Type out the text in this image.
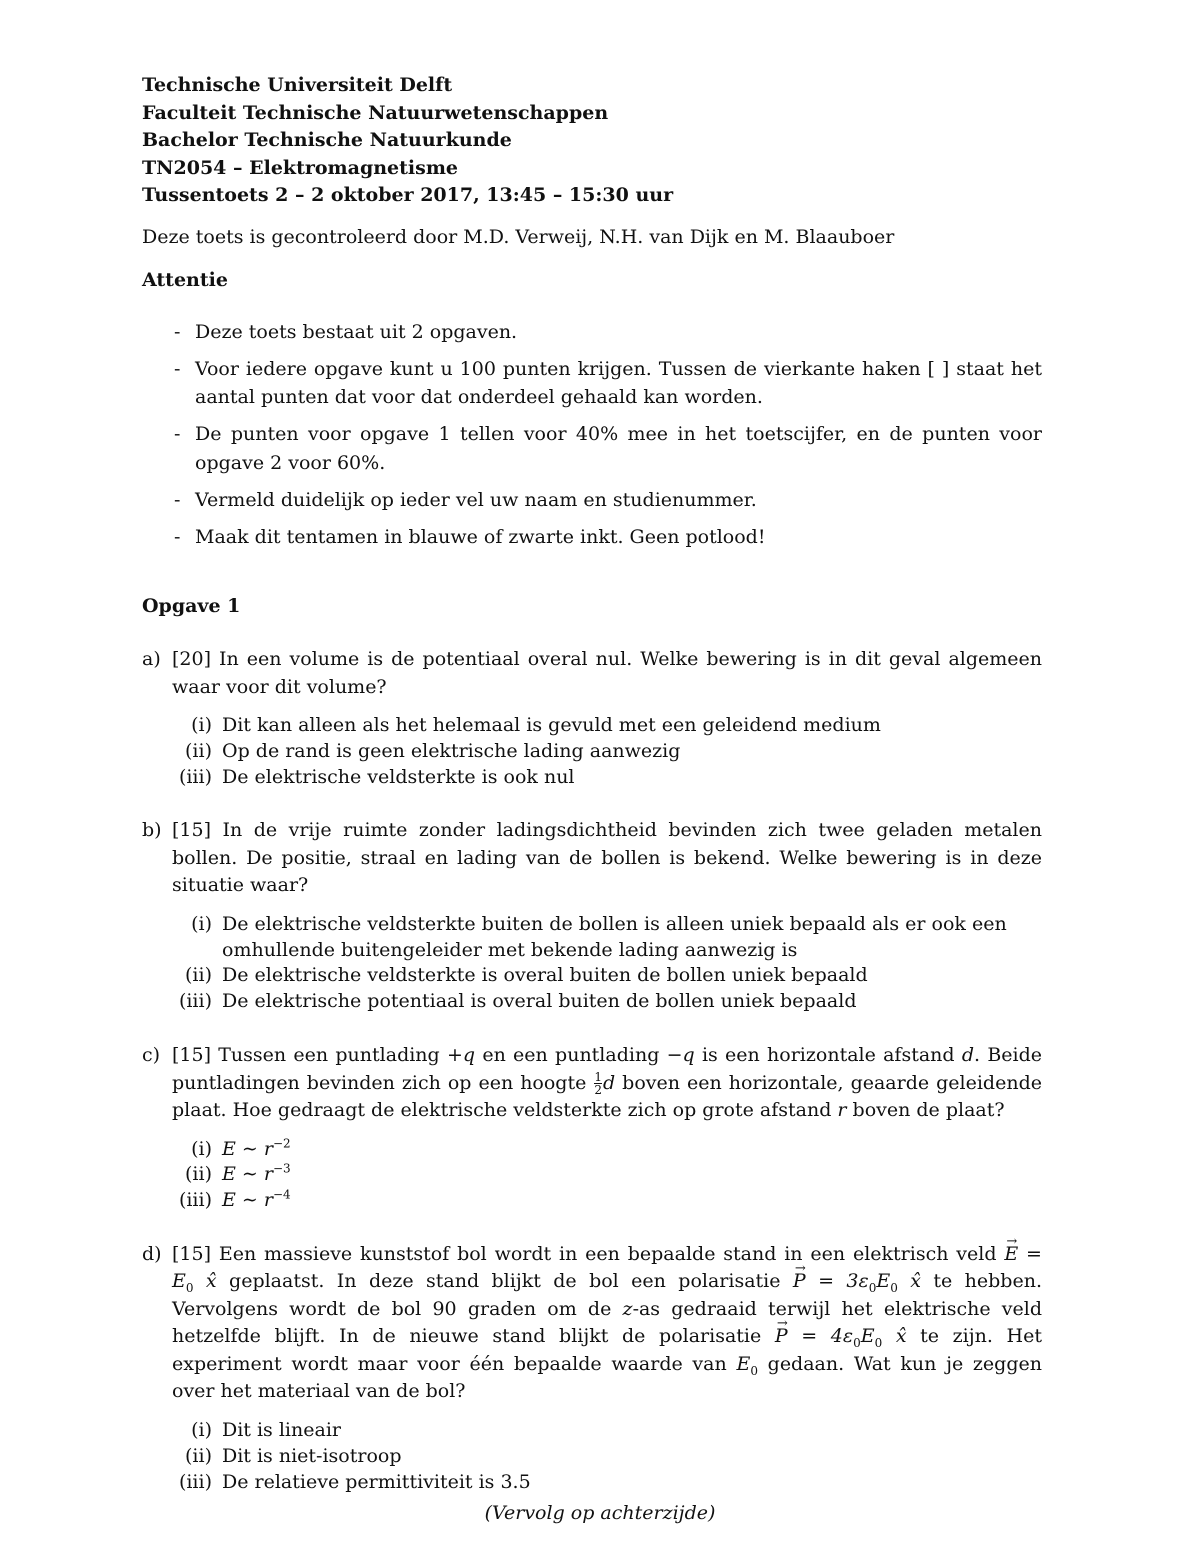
Technische Universiteit Delft

Faculteit Technische Natuurwetenschappen

Bachelor Technische Natuurkunde

TN2054 – Elektromagnetisme

Tussentoets 2 – 2 oktober 2017, 13:45 – 15:30 uur

Deze toets is gecontroleerd door M.D. Verweij, N.H. van Dijk en M. Blaauboer
Attentie
- Deze toets bestaat uit 2 opgaven.
- Voor iedere opgave kunt u 100 punten krijgen. Tussen de vierkante haken [ ] staat het aantal punten dat voor dat onderdeel gehaald kan worden.
- De punten voor opgave 1 tellen voor 40% mee in het toetscijfer, en de punten voor opgave 2 voor 60%.
- Vermeld duidelijk op ieder vel uw naam en studienummer.
- Maak dit tentamen in blauwe of zwarte inkt. Geen potlood!
Opgave 1
a) [20] In een volume is de potentiaal overal nul. Welke bewering is in dit geval algemeen waar voor dit volume?
(i) Dit kan alleen als het helemaal is gevuld met een geleidend medium
(ii) Op de rand is geen elektrische lading aanwezig
(iii) De elektrische veldsterkte is ook nul
b) [15] In de vrije ruimte zonder ladingsdichtheid bevinden zich twee geladen metalen bollen. De positie, straal en lading van de bollen is bekend. Welke bewering is in deze situatie waar?
(i) De elektrische veldsterkte buiten de bollen is alleen uniek bepaald als er ook een omhullende buitengeleider met bekende lading aanwezig is
(ii) De elektrische veldsterkte is overal buiten de bollen uniek bepaald
(iii) De elektrische potentiaal is overal buiten de bollen uniek bepaald
c) [15] Tussen een puntlading +q en een puntlading −q is een horizontale afstand d. Beide puntladingen bevinden zich op een hoogte $\frac{1}{2}$ d boven een horizontale, geaarde geleidende plaat. Hoe gedraagt de elektrische veldsterkte zich op grote afstand r boven de plaat?
(i) E ∼ $r^{-2}$
(ii) E ∼ $r^{-3}$
(iii) E ∼ $r^{-4}$
d) [15] Een massieve kunststof bol wordt in een bepaalde stand in een elektrisch veld → $E = E_0$ x̂ geplaatst. In deze stand blijkt de bol een polarisatie → $P = 3\varepsilon_0E_0$ x̂ te hebben. Vervolgens wordt de bol 90 graden om de z-as gedraaid terwijl het elektrische veld hetzelfde blijft. In de nieuwe stand blijkt de polarisatie → $P = 4\varepsilon_0E_0$ x̂ te zijn. Het experiment wordt maar voor één bepaalde waarde van $E_0$ gedaan. Wat kun je zeggen over het materiaal van de bol?
(i) Dit is lineair
(ii) Dit is niet-isotroop
(iii) De relatieve permittiviteit is 3.5
(Vervolg op achterzijde)
